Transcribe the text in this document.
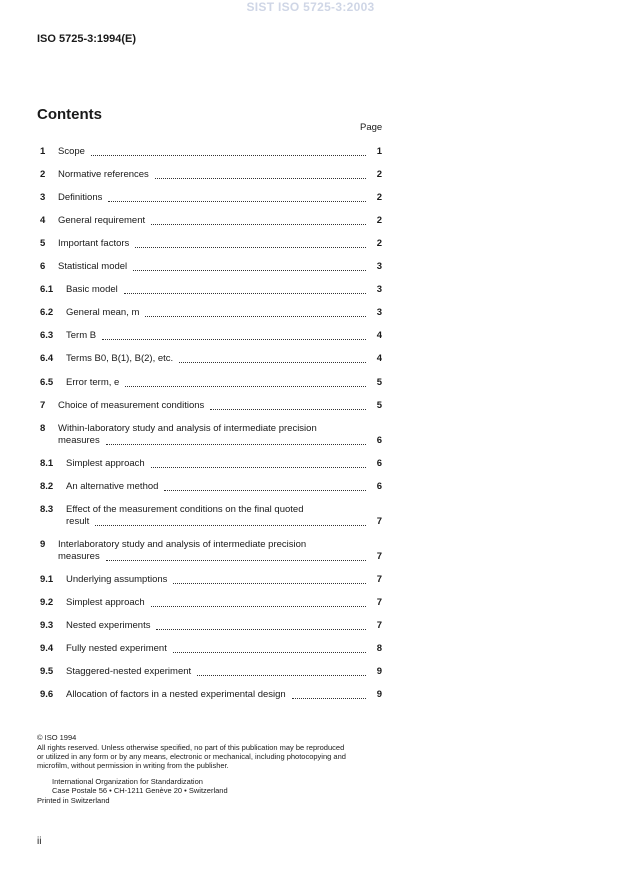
SIST ISO 5725-3:2003
ISO 5725-3:1994(E)
Contents
Page
1	Scope	1
2	Normative references	2
3	Definitions	2
4	General requirement	2
5	Important factors	2
6	Statistical model	3
6.1	Basic model	3
6.2	General mean, m	3
6.3	Term B	4
6.4	Terms B0, B(1), B(2), etc.	4
6.5	Error term, e	5
7	Choice of measurement conditions	5
8	Within-laboratory study and analysis of intermediate precision
measures	6
8.1	Simplest approach	6
8.2	An alternative method	6
8.3	Effect of the measurement conditions on the final quoted
result	7
9	Interlaboratory study and analysis of intermediate precision
measures	7
9.1	Underlying assumptions	7
9.2	Simplest approach	7
9.3	Nested experiments	7
9.4	Fully nested experiment	8
9.5	Staggered-nested experiment	9
9.6	Allocation of factors in a nested experimental design	9
© ISO 1994
All rights reserved. Unless otherwise specified, no part of this publication may be reproduced
or utilized in any form or by any means, electronic or mechanical, including photocopying and
microfilm, without permission in writing from the publisher.
International Organization for Standardization
Case Postale 56 • CH-1211 Genève 20 • Switzerland
Printed in Switzerland
ii
